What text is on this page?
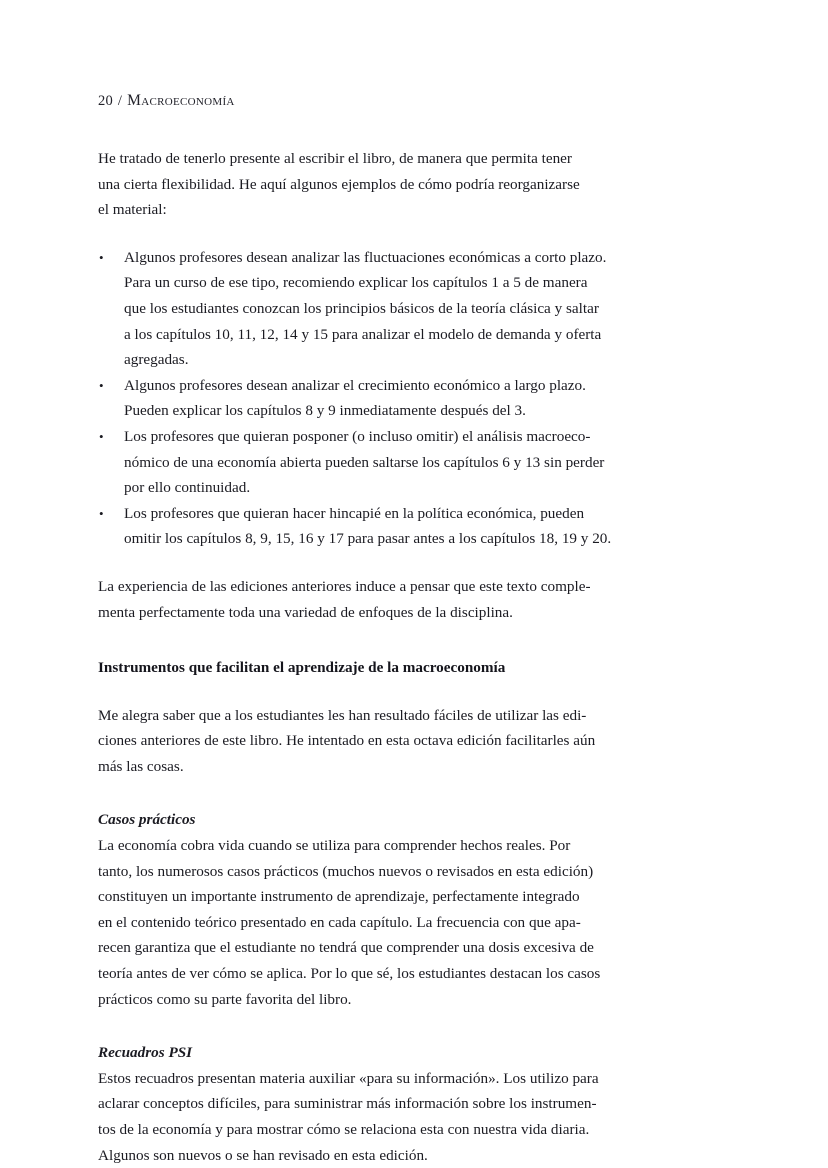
20 / Macroeconomía

He tratado de tenerlo presente al escribir el libro, de manera que permita tener
una cierta flexibilidad. He aquí algunos ejemplos de cómo podría reorganizarse
el material:

•	Algunos profesores desean analizar las fluctuaciones económicas a corto plazo.
Para un curso de ese tipo, recomiendo explicar los capítulos 1 a 5 de manera
que los estudiantes conozcan los principios básicos de la teoría clásica y saltar
a los capítulos 10, 11, 12, 14 y 15 para analizar el modelo de demanda y oferta
agregadas.
•	Algunos profesores desean analizar el crecimiento económico a largo plazo.
Pueden explicar los capítulos 8 y 9 inmediatamente después del 3.
•	Los profesores que quieran posponer (o incluso omitir) el análisis macroeco-
nómico de una economía abierta pueden saltarse los capítulos 6 y 13 sin perder
por ello continuidad.
•	Los profesores que quieran hacer hincapié en la política económica, pueden
omitir los capítulos 8, 9, 15, 16 y 17 para pasar antes a los capítulos 18, 19 y 20.

La experiencia de las ediciones anteriores induce a pensar que este texto comple-
menta perfectamente toda una variedad de enfoques de la disciplina.

Instrumentos que facilitan el aprendizaje de la macroeconomía

Me alegra saber que a los estudiantes les han resultado fáciles de utilizar las edi-
ciones anteriores de este libro. He intentado en esta octava edición facilitarles aún
más las cosas.

Casos prácticos

La economía cobra vida cuando se utiliza para comprender hechos reales. Por
tanto, los numerosos casos prácticos (muchos nuevos o revisados en esta edición)
constituyen un importante instrumento de aprendizaje, perfectamente integrado
en el contenido teórico presentado en cada capítulo. La frecuencia con que apa-
recen garantiza que el estudiante no tendrá que comprender una dosis excesiva de
teoría antes de ver cómo se aplica. Por lo que sé, los estudiantes destacan los casos
prácticos como su parte favorita del libro.

Recuadros PSI

Estos recuadros presentan materia auxiliar «para su información». Los utilizo para
aclarar conceptos difíciles, para suministrar más información sobre los instrumen-
tos de la economía y para mostrar cómo se relaciona esta con nuestra vida diaria.
Algunos son nuevos o se han revisado en esta edición.
